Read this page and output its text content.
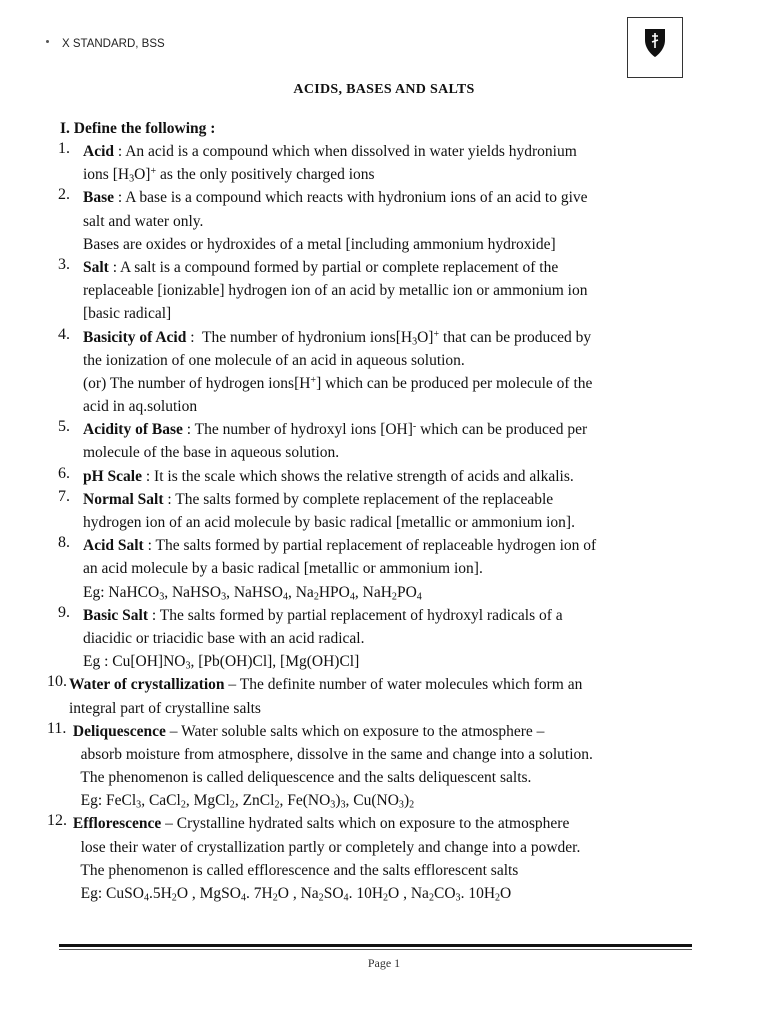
X STANDARD, BSS
ACIDS, BASES AND SALTS
I. Define the following :
1. Acid : An acid is a compound which when dissolved in water yields hydronium
ions $[H_3O]^+$ as the only positively charged ions
2. Base : A base is a compound which reacts with hydronium ions of an acid to give
salt and water only.
Bases are oxides or hydroxides of a metal [including ammonium hydroxide]
3. Salt : A salt is a compound formed by partial or complete replacement of the
replaceable [ionizable] hydrogen ion of an acid by metallic ion or ammonium ion
[basic radical]
4. Basicity of Acid :  The number of hydronium $ions[H_3O]^+$ that can be produced by
the ionization of one molecule of an acid in aqueous solution.
(or) The number of hydrogen ions[H+] which can be produced per molecule of the
acid in aq.solution
5. Acidity of Base : The number of hydroxyl ions [OH]- which can be produced per
molecule of the base in aqueous solution.
6. pH Scale : It is the scale which shows the relative strength of acids and alkalis.
7. Normal Salt : The salts formed by complete replacement of the replaceable
hydrogen ion of an acid molecule by basic radical [metallic or ammonium ion].
8. Acid Salt : The salts formed by partial replacement of replaceable hydrogen ion of
an acid molecule by a basic radical [metallic or ammonium ion].
Eg: NaHCO$_3$, NaHSO$_3$, NaHSO$_4$, $Na_2HPO_4$, $NaH_2PO_4$
9. Basic Salt : The salts formed by partial replacement of hydroxyl radicals of a
diacidic or triacidic base with an acid radical.
Eg : $Cu[OH]NO_3$, [Pb(OH)Cl], [Mg(OH)Cl]
10. Water of crystallization – The definite number of water molecules which form an
integral part of crystalline salts
11. Deliquescence – Water soluble salts which on exposure to the atmosphere –
absorb moisture from atmosphere, dissolve in the same and change into a solution.
The phenomenon is called deliquescence and the salts deliquescent salts.
Eg: FeCl$_3$, CaCl$_2$, MgCl$_2$, ZnCl$_2$, $Fe(NO_3)_3$, $Cu(NO_3)_2$
12. Efflorescence – Crystalline hydrated salts which on exposure to the atmosphere
lose their water of crystallization partly or completely and change into a powder.
The phenomenon is called efflorescence and the salts efflorescent salts
Eg: $CuSO_4.5H_2O$ , MgSO$_4$. $7H_2O$ , $Na_2SO_4$. $10H_2O$ , $Na_2CO_3$. $10H_2O$
Page 1
